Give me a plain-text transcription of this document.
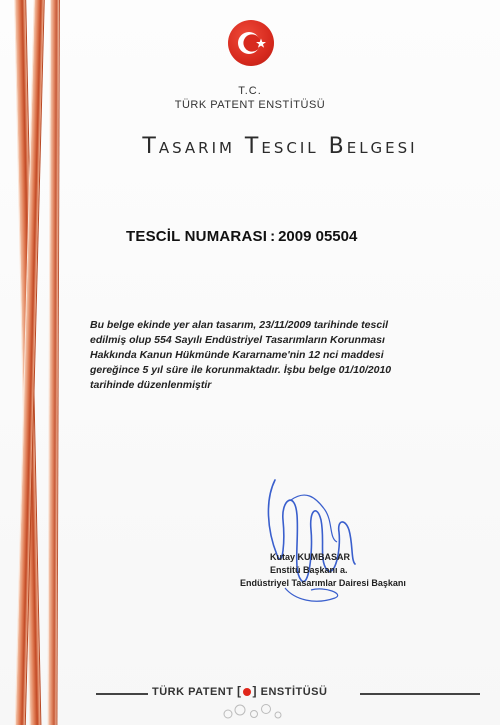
T.C.
TÜRK PATENT ENSTİTÜSÜ
Tasarım Tescil Belgesi
TESCİL NUMARASI : 2009 05504
Bu belge ekinde yer alan tasarım, 23/11/2009 tarihinde tescil edilmiş olup 554 Sayılı Endüstriyel Tasarımların Korunması Hakkında Kanun Hükmünde Kararname'nin 12 nci maddesi gereğince 5 yıl süre ile korunmaktadır. İşbu belge 01/10/2010 tarihinde düzenlenmiştir
Kutay KUMBASAR
Enstitü Başkanı a.
Endüstriyel Tasarımlar Dairesi Başkanı
TÜRK PATENT [ ] ENSTİTÜSÜ
